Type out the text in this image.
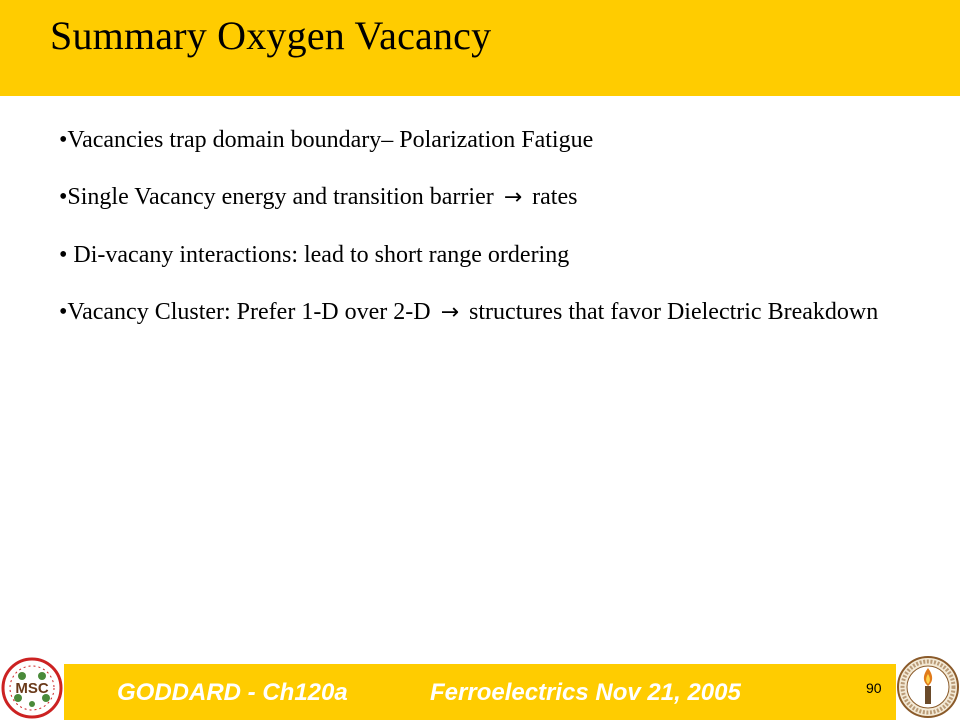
Summary Oxygen Vacancy

•Vacancies trap domain boundary– Polarization Fatigue

•Single Vacancy energy and transition barrier → rates

• Di-vacany interactions: lead to short range ordering

•Vacancy Cluster: Prefer 1-D over 2-D → structures that favor Dielectric Breakdown

GODDARD - Ch120a	Ferroelectrics Nov 21, 2005	90
MSC
